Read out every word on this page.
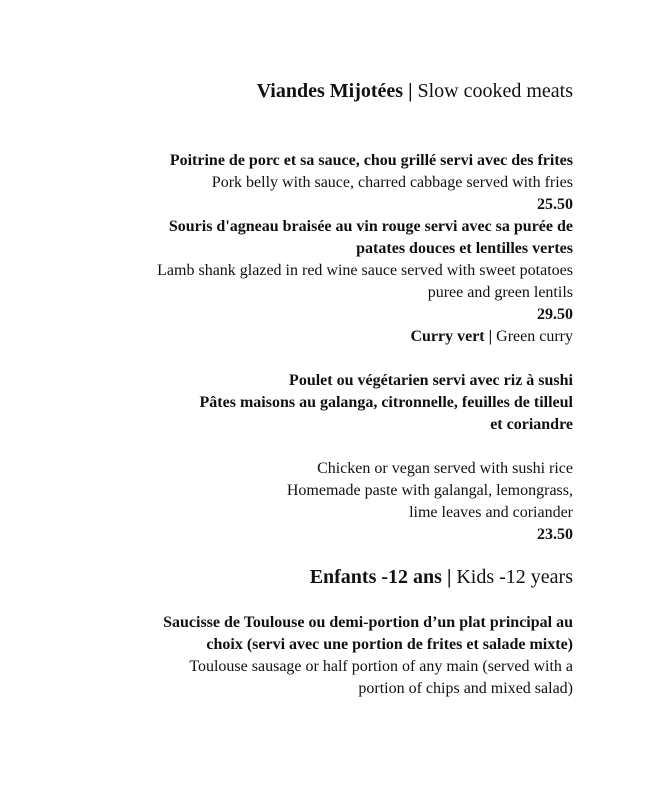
Viandes Mijotées | Slow cooked meats

Poitrine de porc et sa sauce, chou grillé servi avec des frites

Pork belly with sauce, charred cabbage served with fries

25.50

Souris d'agneau braisée au vin rouge servi avec sa purée de

patates douces et lentilles vertes

Lamb shank glazed in red wine sauce served with sweet potatoes

puree and green lentils

29.50

Curry vert | Green curry

Poulet ou végétarien servi avec riz à sushi

Pâtes maisons au galanga, citronnelle, feuilles de tilleul

et coriandre

Chicken or vegan served with sushi rice

Homemade paste with galangal, lemongrass,

lime leaves and coriander

23.50

Enfants -12 ans | Kids -12 years

Saucisse de Toulouse ou demi-portion d’un plat principal au

choix (servi avec une portion de frites et salade mixte)

Toulouse sausage or half portion of any main (served with a

portion of chips and mixed salad)
